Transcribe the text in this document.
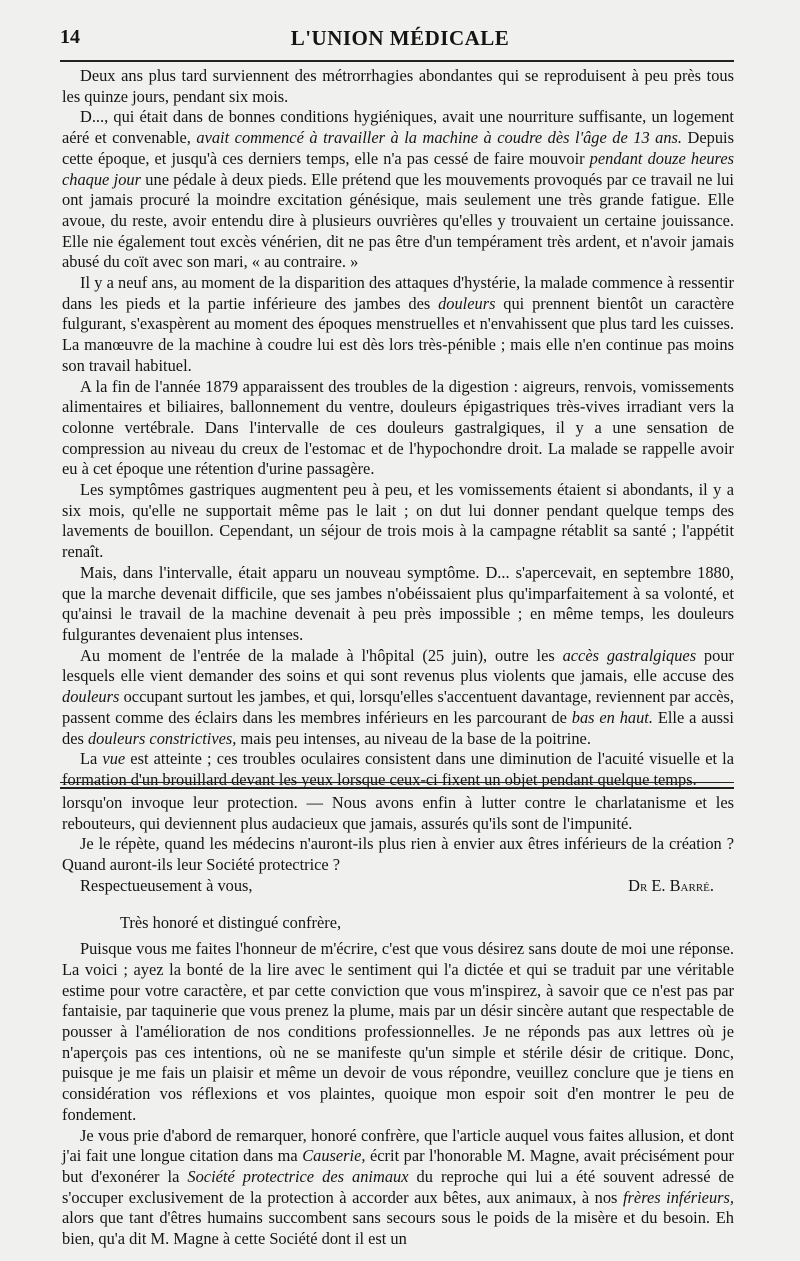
14	L'UNION MÉDICALE

Deux ans plus tard surviennent des métrorrhagies abondantes qui se reproduisent à peu près tous les quinze jours, pendant six mois.

D..., qui était dans de bonnes conditions hygiéniques, avait une nourriture suffisante, un logement aéré et convenable, avait commencé à travailler à la machine à coudre dès l'âge de 13 ans. Depuis cette époque, et jusqu'à ces derniers temps, elle n'a pas cessé de faire mouvoir pendant douze heures chaque jour une pédale à deux pieds. Elle prétend que les mouvements provoqués par ce travail ne lui ont jamais procuré la moindre excitation génésique, mais seulement une très grande fatigue. Elle avoue, du reste, avoir entendu dire à plusieurs ouvrières qu'elles y trouvaient un certaine jouissance. Elle nie également tout excès vénérien, dit ne pas être d'un tempérament très ardent, et n'avoir jamais abusé du coït avec son mari, « au contraire. »

Il y a neuf ans, au moment de la disparition des attaques d'hystérie, la malade commence à ressentir dans les pieds et la partie inférieure des jambes des douleurs qui prennent bientôt un caractère fulgurant, s'exaspèrent au moment des époques menstruelles et n'envahissent que plus tard les cuisses. La manœuvre de la machine à coudre lui est dès lors très-pénible ; mais elle n'en continue pas moins son travail habituel.

A la fin de l'année 1879 apparaissent des troubles de la digestion : aigreurs, renvois, vomissements alimentaires et biliaires, ballonnement du ventre, douleurs épigastriques très-vives irradiant vers la colonne vertébrale. Dans l'intervalle de ces douleurs gastralgiques, il y a une sensation de compression au niveau du creux de l'estomac et de l'hypochondre droit. La malade se rappelle avoir eu à cet époque une rétention d'urine passagère.

Les symptômes gastriques augmentent peu à peu, et les vomissements étaient si abondants, il y a six mois, qu'elle ne supportait même pas le lait ; on dut lui donner pendant quelque temps des lavements de bouillon. Cependant, un séjour de trois mois à la campagne rétablit sa santé ; l'appétit renaît.

Mais, dans l'intervalle, était apparu un nouveau symptôme. D... s'apercevait, en septembre 1880, que la marche devenait difficile, que ses jambes n'obéissaient plus qu'imparfaitement à sa volonté, et qu'ainsi le travail de la machine devenait à peu près impossible ; en même temps, les douleurs fulgurantes devenaient plus intenses.

Au moment de l'entrée de la malade à l'hôpital (25 juin), outre les accès gastralgiques pour lesquels elle vient demander des soins et qui sont revenus plus violents que jamais, elle accuse des douleurs occupant surtout les jambes, et qui, lorsqu'elles s'accentuent davantage, reviennent par accès, passent comme des éclairs dans les membres inférieurs en les parcourant de bas en haut. Elle a aussi des douleurs constrictives, mais peu intenses, au niveau de la base de la poitrine.

La vue est atteinte ; ces troubles oculaires consistent dans une diminution de l'acuité visuelle et la formation d'un brouillard devant les yeux lorsque ceux-ci fixent un objet pendant quelque temps.

lorsqu'on invoque leur protection. — Nous avons enfin à lutter contre le charlatanisme et les rebouteurs, qui deviennent plus audacieux que jamais, assurés qu'ils sont de l'impunité.

Je le répète, quand les médecins n'auront-ils plus rien à envier aux êtres inférieurs de la création ? Quand auront-ils leur Société protectrice ?

Respectueusement à vous,	Dr E. Barré.

Très honoré et distingué confrère,

Puisque vous me faites l'honneur de m'écrire, c'est que vous désirez sans doute de moi une réponse. La voici ; ayez la bonté de la lire avec le sentiment qui l'a dictée et qui se traduit par une véritable estime pour votre caractère, et par cette conviction que vous m'inspirez, à savoir que ce n'est pas par fantaisie, par taquinerie que vous prenez la plume, mais par un désir sincère autant que respectable de pousser à l'amélioration de nos conditions professionnelles. Je ne réponds pas aux lettres où je n'aperçois pas ces intentions, où ne se manifeste qu'un simple et stérile désir de critique. Donc, puisque je me fais un plaisir et même un devoir de vous répondre, veuillez conclure que je tiens en considération vos réflexions et vos plaintes, quoique mon espoir soit d'en montrer le peu de fondement.

Je vous prie d'abord de remarquer, honoré confrère, que l'article auquel vous faites allusion, et dont j'ai fait une longue citation dans ma Causerie, écrit par l'honorable M. Magne, avait précisément pour but d'exonérer la Société protectrice des animaux du reproche qui lui a été souvent adressé de s'occuper exclusivement de la protection à accorder aux bêtes, aux animaux, à nos frères inférieurs, alors que tant d'êtres humains succombent sans secours sous le poids de la misère et du besoin. Eh bien, qu'a dit M. Magne à cette Société dont il est un
